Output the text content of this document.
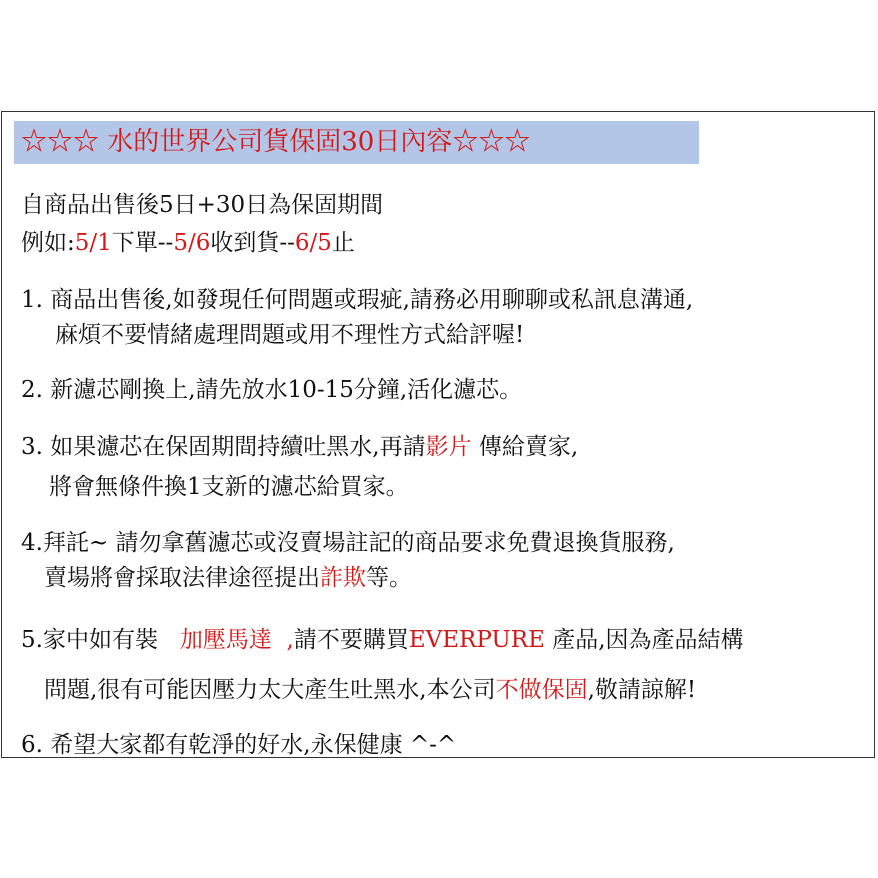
☆☆☆ 水的世界公司貨保固30日內容☆☆☆
自商品出售後5日+30日為保固期間
例如:5/1下單--5/6收到貨--6/5止
1. 商品出售後,如發現任何問題或瑕疵,請務必用聊聊或私訊息溝通,
麻煩不要情緒處理問題或用不理性方式給評喔!
2. 新濾芯剛換上,請先放水10-15分鐘,活化濾芯。
3. 如果濾芯在保固期間持續吐黑水,再請影片 傳給賣家,
將會無條件換1支新的濾芯給買家。
4.拜託~ 請勿拿舊濾芯或沒賣場註記的商品要求免費退換貨服務,
賣場將會採取法律途徑提出詐欺等。
5.家中如有裝   加壓馬達  ,請不要購買EVERPURE 產品,因為產品結構
問題,很有可能因壓力太大產生吐黑水,本公司不做保固,敬請諒解!
6. 希望大家都有乾淨的好水,永保健康 ^-^
